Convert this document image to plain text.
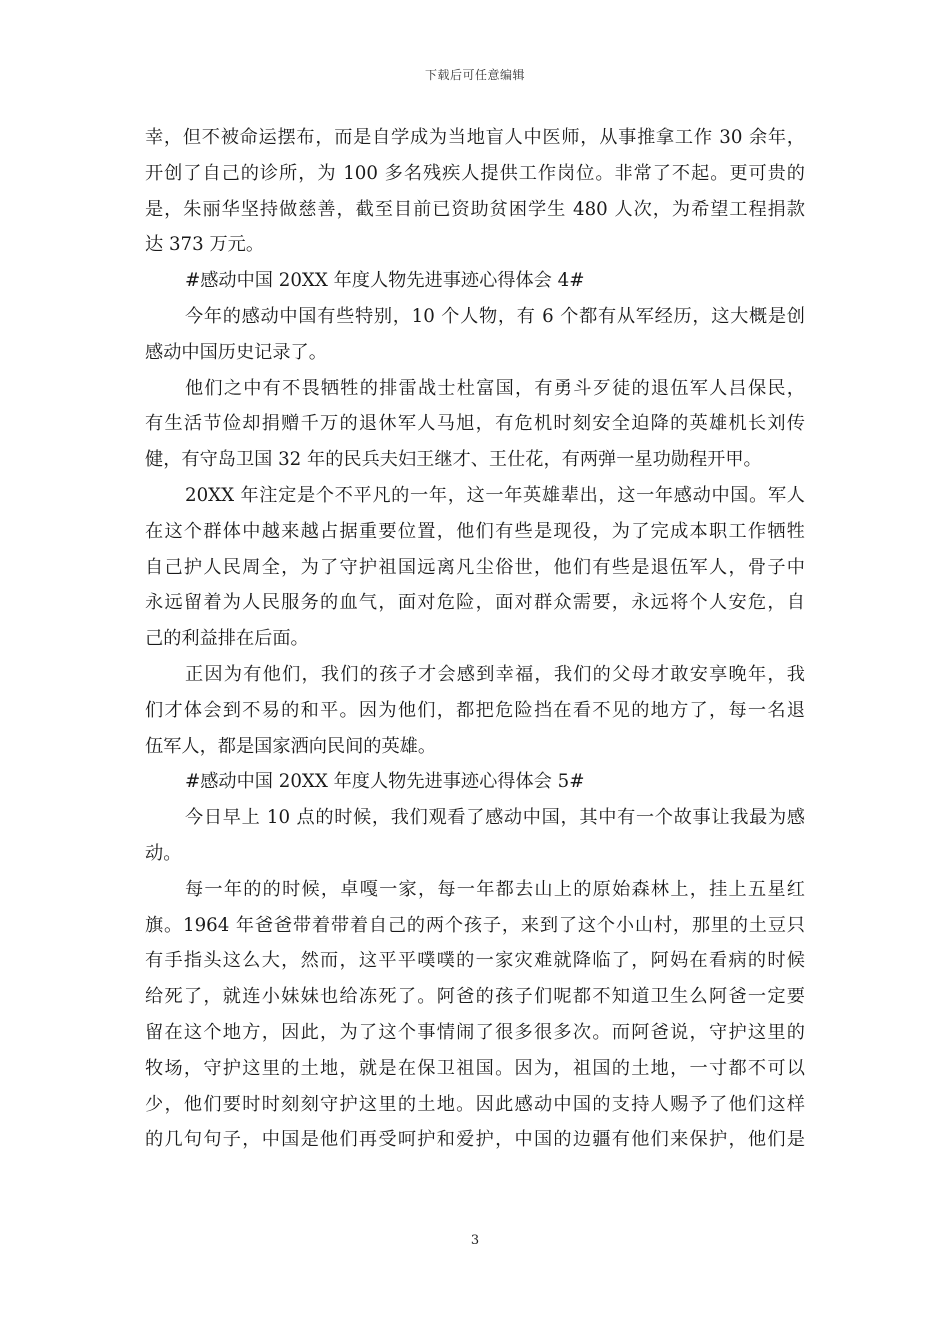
下载后可任意编辑
幸，但不被命运摆布，而是自学成为当地盲人中医师，从事推拿工作 30 余年，
开创了自己的诊所，为 100 多名残疾人提供工作岗位。非常了不起。更可贵的
是，朱丽华坚持做慈善，截至目前已资助贫困学生 480 人次，为希望工程捐款
达 373 万元。
#感动中国 20XX 年度人物先进事迹心得体会 4#
今年的感动中国有些特别，10 个人物，有 6 个都有从军经历，这大概是创
感动中国历史记录了。
他们之中有不畏牺牲的排雷战士杜富国，有勇斗歹徒的退伍军人吕保民，
有生活节俭却捐赠千万的退休军人马旭，有危机时刻安全迫降的英雄机长刘传
健，有守岛卫国 32 年的民兵夫妇王继才、王仕花，有两弹一星功勋程开甲。
20XX 年注定是个不平凡的一年，这一年英雄辈出，这一年感动中国。军人
在这个群体中越来越占据重要位置，他们有些是现役，为了完成本职工作牺牲
自己护人民周全，为了守护祖国远离凡尘俗世，他们有些是退伍军人，骨子中
永远留着为人民服务的血气，面对危险，面对群众需要，永远将个人安危，自
己的利益排在后面。
正因为有他们，我们的孩子才会感到幸福，我们的父母才敢安享晚年，我
们才体会到不易的和平。因为他们，都把危险挡在看不见的地方了，每一名退
伍军人，都是国家洒向民间的英雄。
#感动中国 20XX 年度人物先进事迹心得体会 5#
今日早上 10 点的时候，我们观看了感动中国，其中有一个故事让我最为感
动。
每一年的的时候，卓嘎一家，每一年都去山上的原始森林上，挂上五星红
旗。1964 年爸爸带着带着自己的两个孩子，来到了这个小山村，那里的土豆只
有手指头这么大，然而，这平平噗噗的一家灾难就降临了，阿妈在看病的时候
给死了，就连小妹妹也给冻死了。阿爸的孩子们呢都不知道卫生么阿爸一定要
留在这个地方，因此，为了这个事情闹了很多很多次。而阿爸说，守护这里的
牧场，守护这里的土地，就是在保卫祖国。因为，祖国的土地，一寸都不可以
少，他们要时时刻刻守护这里的土地。因此感动中国的支持人赐予了他们这样
的几句句子，中国是他们再受呵护和爱护，中国的边疆有他们来保护，他们是
3
